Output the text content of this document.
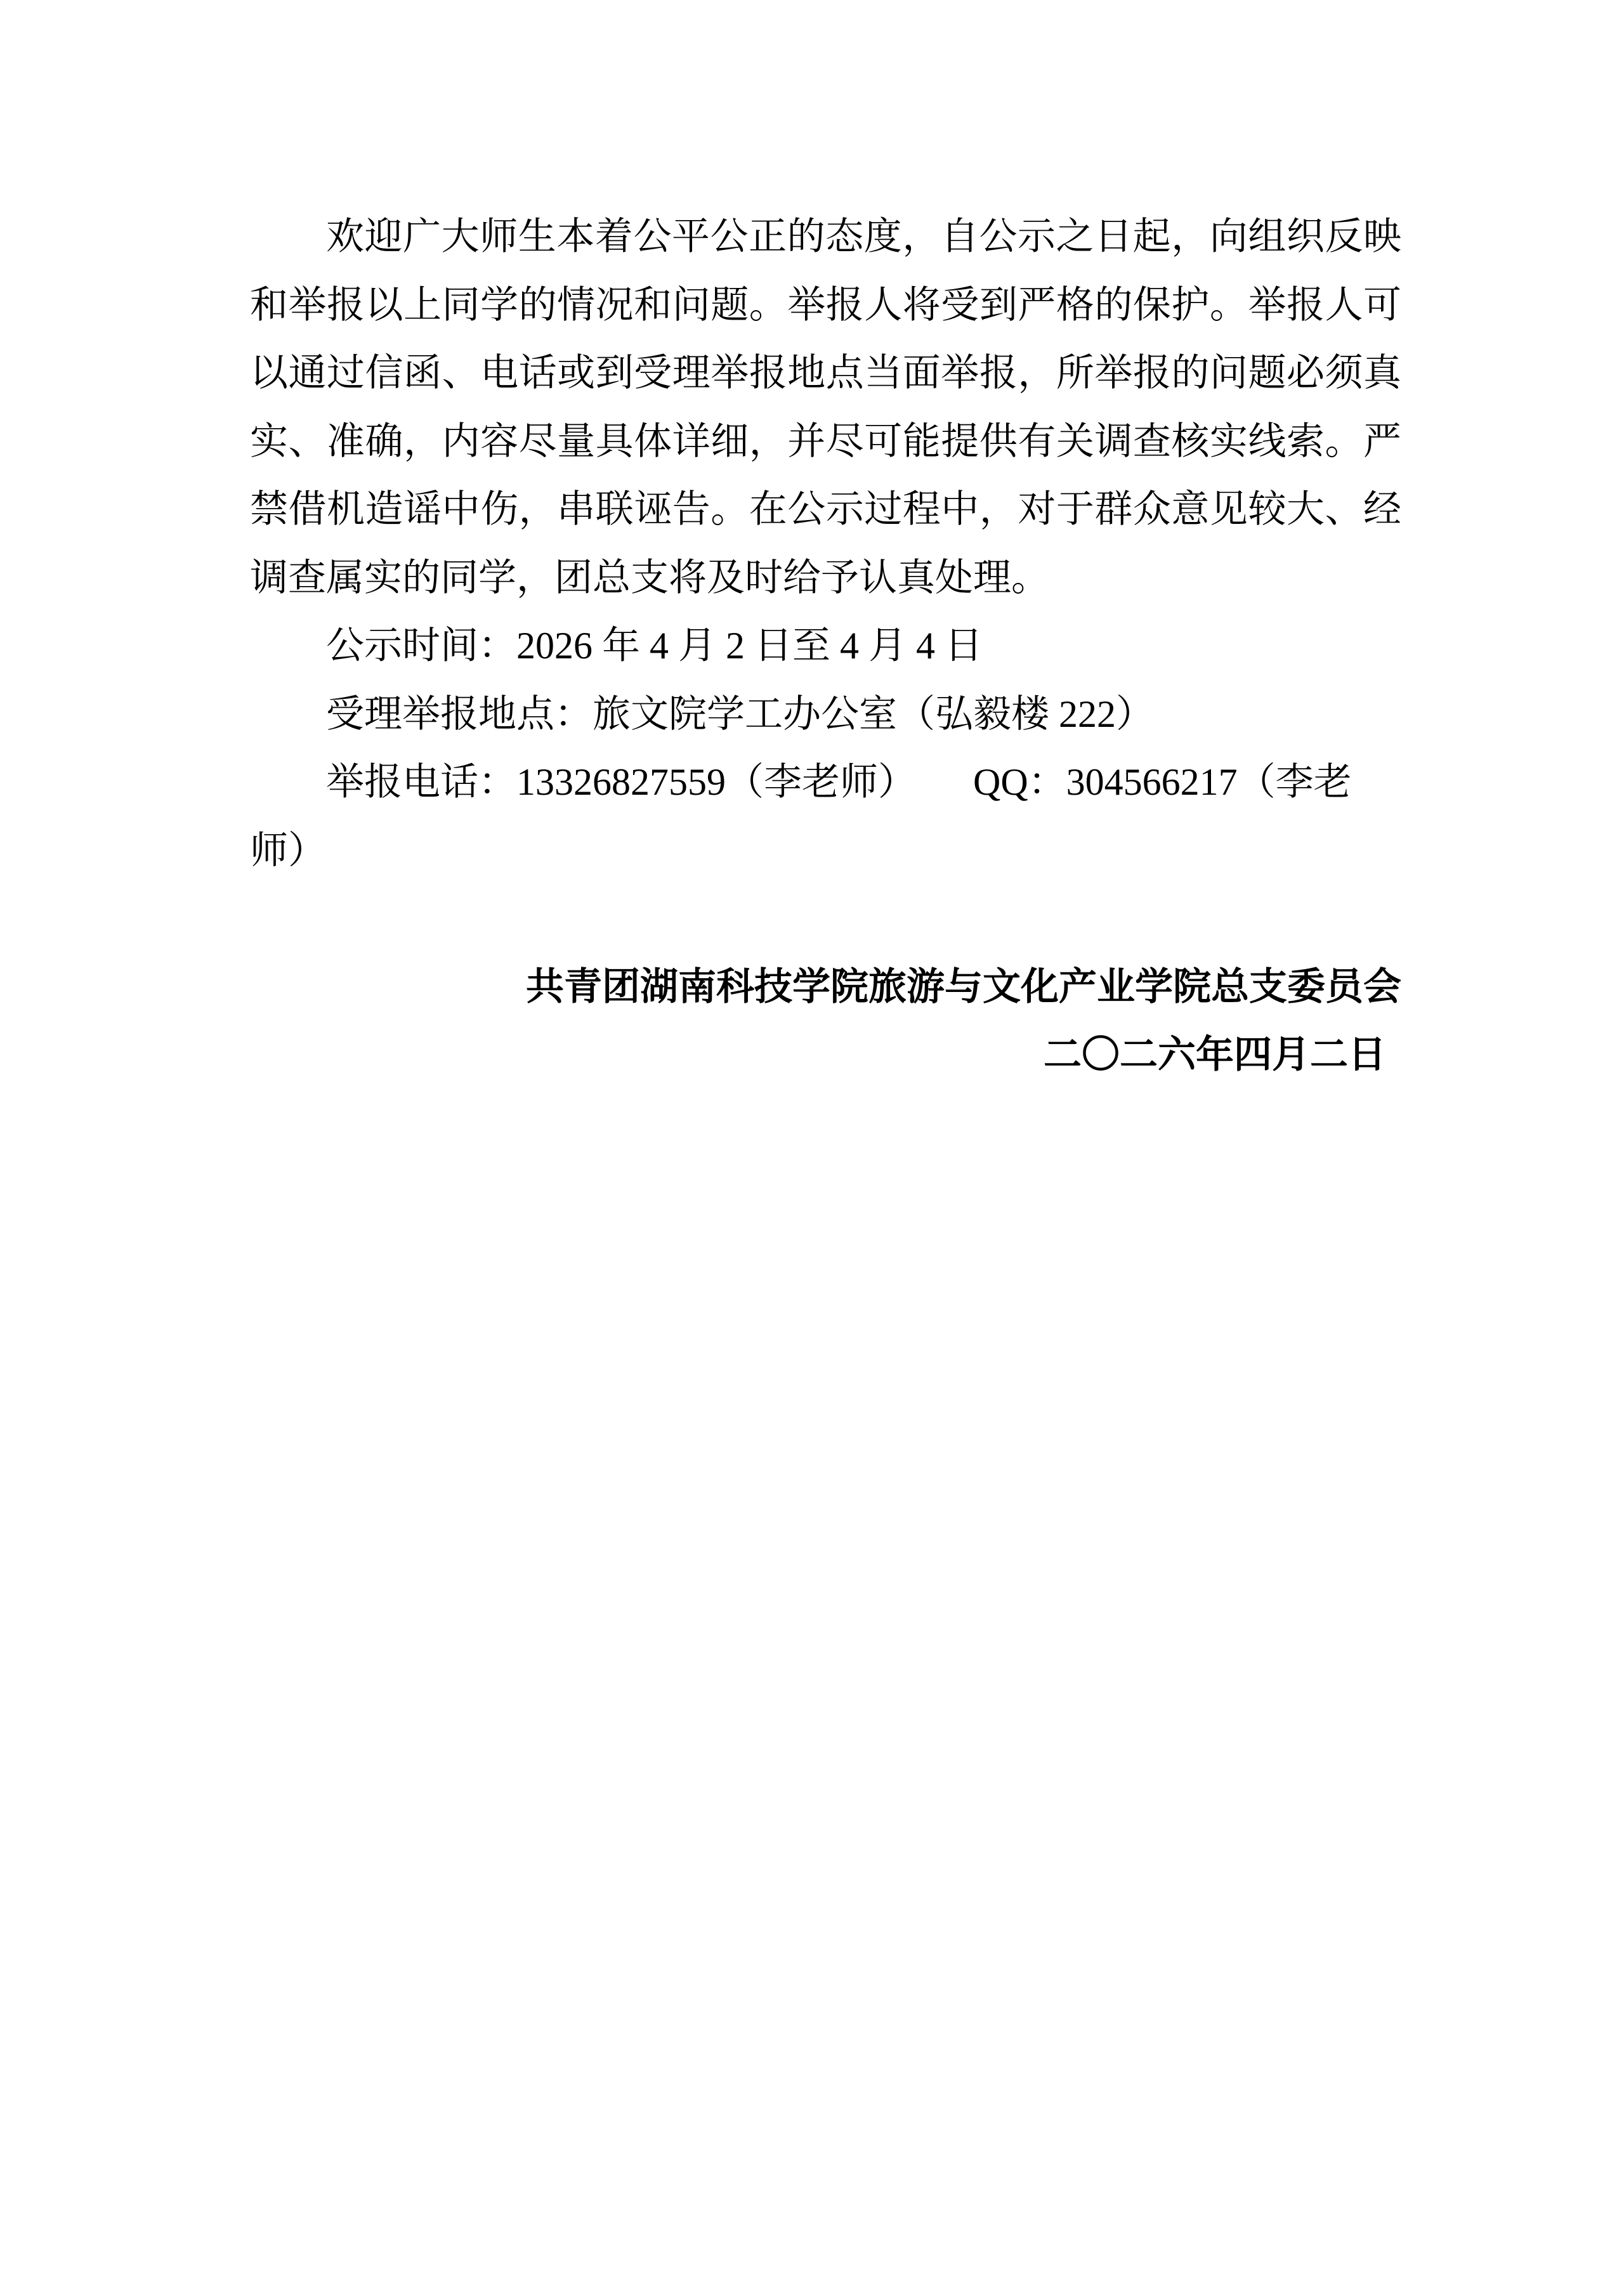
欢迎广大师生本着公平公正的态度，自公示之日起，向组织反映
和举报以上同学的情况和问题。举报人将受到严格的保护。举报人可
以通过信函、电话或到受理举报地点当面举报，所举报的问题必须真
实、准确，内容尽量具体详细，并尽可能提供有关调查核实线索。严
禁借机造谣中伤，串联诬告。在公示过程中，对于群众意见较大、经
调查属实的同学，团总支将及时给予认真处理。
公示时间：2026 年 4 月 2 日至 4 月 4 日
受理举报地点：旅文院学工办公室（弘毅楼 222）
举报电话：13326827559（李老师）　　QQ：304566217（李老师）
共青团湖南科技学院旅游与文化产业学院总支委员会
二〇二六年四月二日
